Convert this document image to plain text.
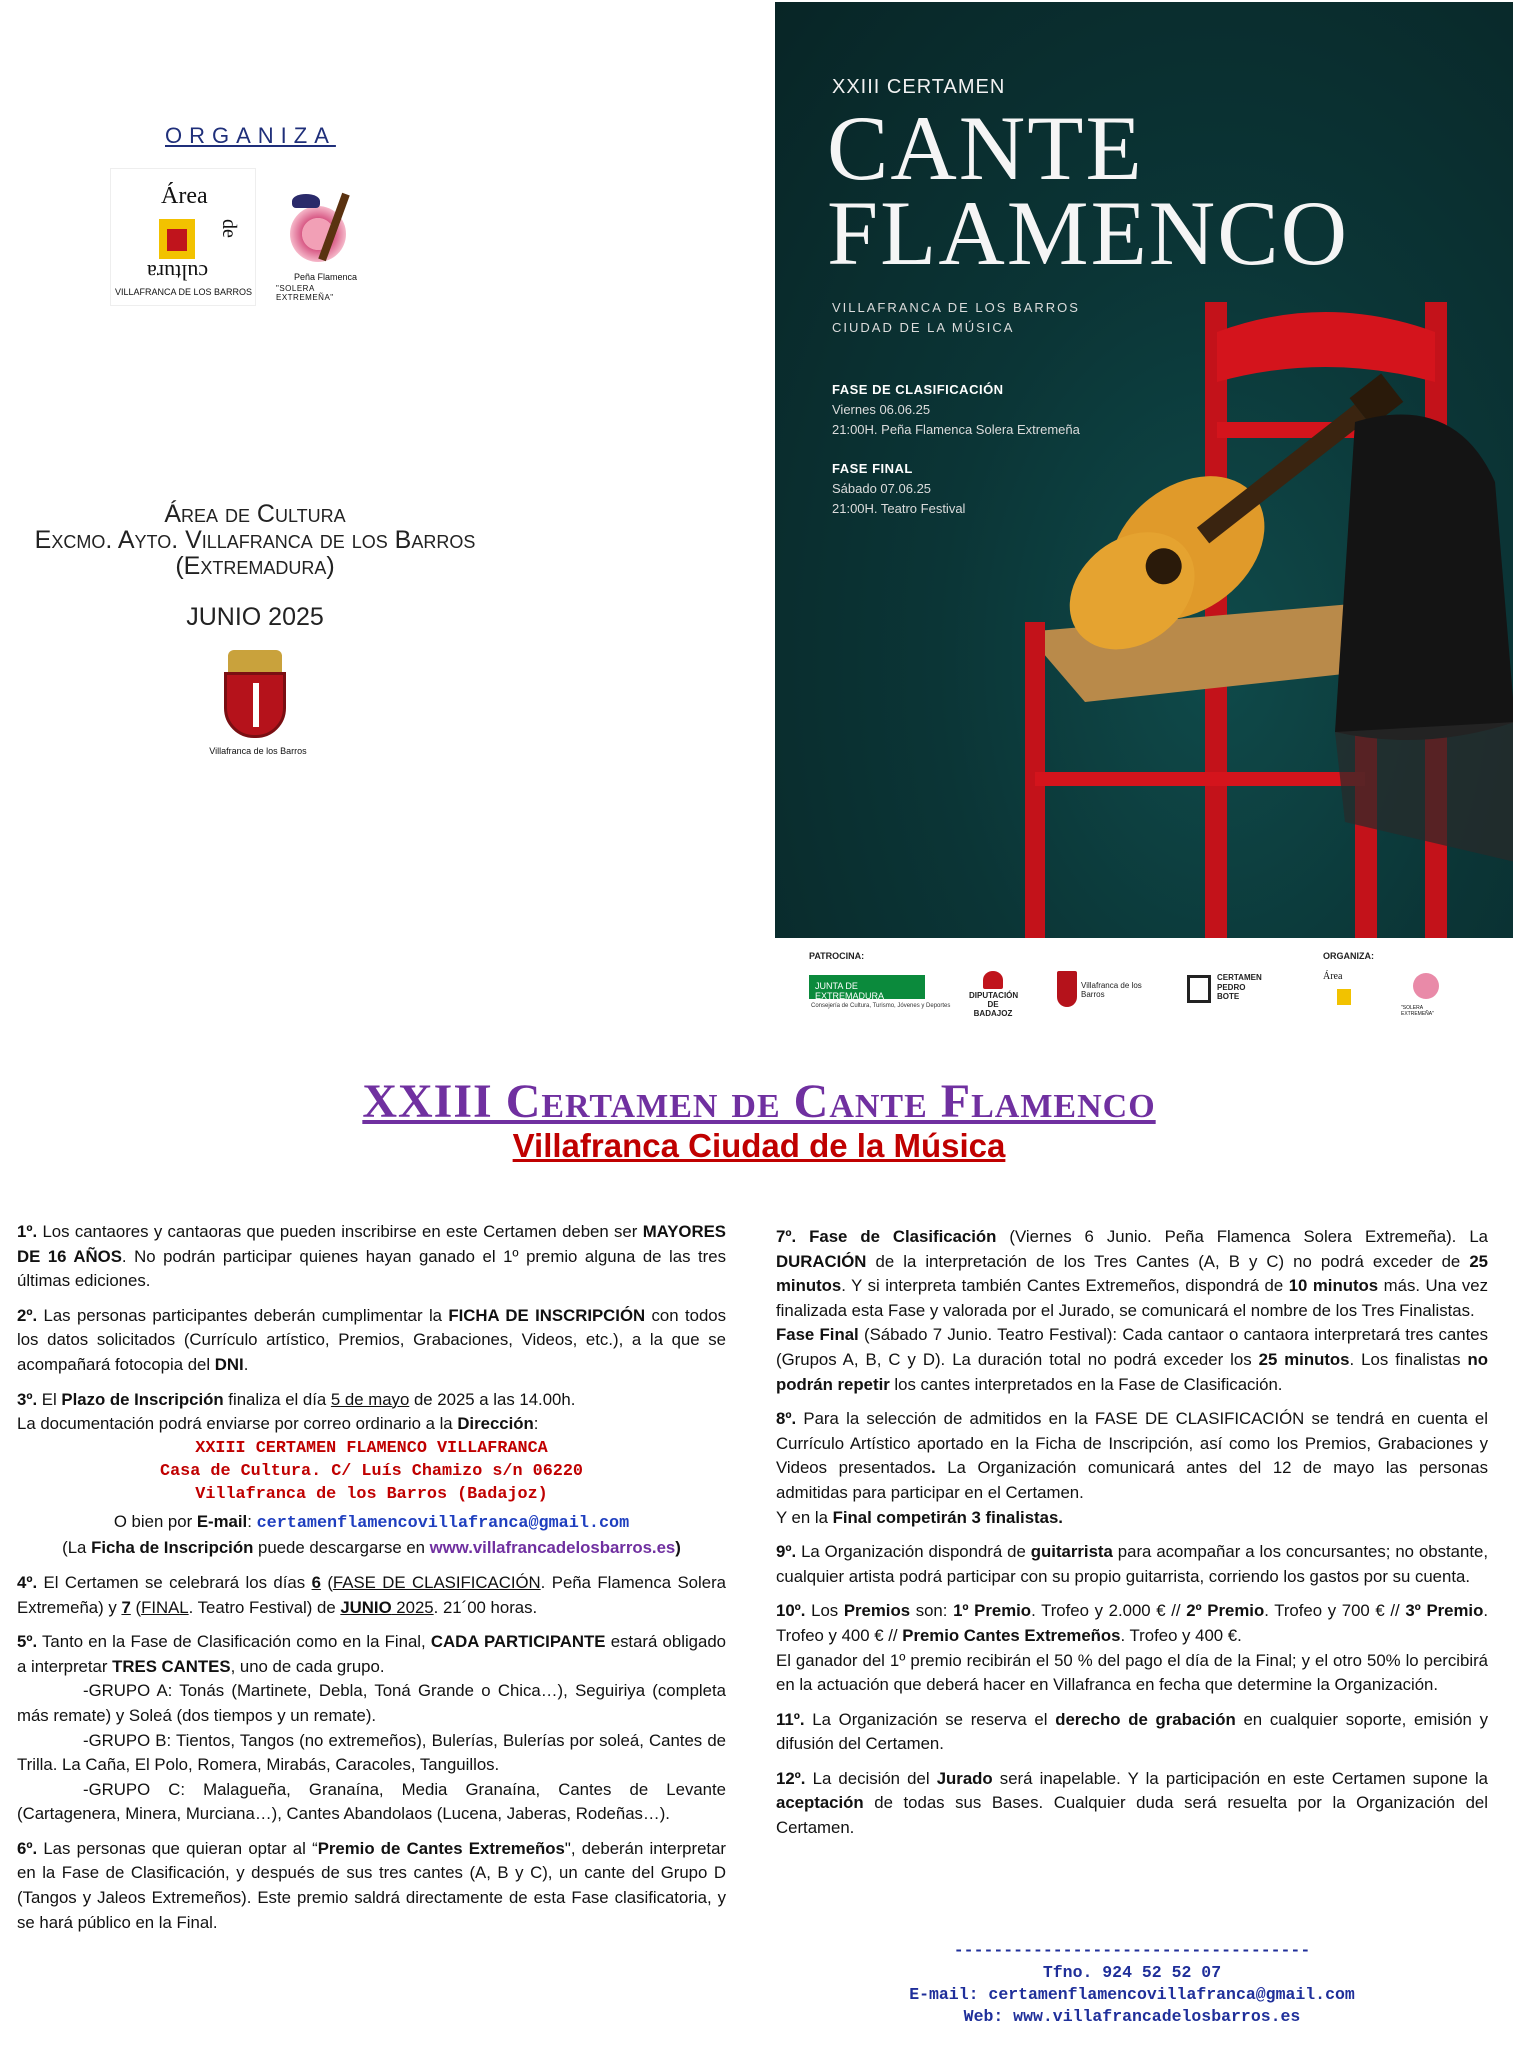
ORGANIZA
Área
de
cultura
VILLAFRANCA DE LOS BARROS
Peña Flamenca
"SOLERA EXTREMEÑA"
Área de Cultura
Excmo. Ayto. Villafranca de los Barros
(Extremadura)
JUNIO 2025
Villafranca de los Barros
XXIII CERTAMEN
CANTE
FLAMENCO
VILLAFRANCA DE LOS BARROS
CIUDAD DE LA MÚSICA
FASE DE CLASIFICACIÓN
Viernes 06.06.25
21:00H. Peña Flamenca Solera Extremeña
FASE FINAL
Sábado 07.06.25
21:00H. Teatro Festival
PATROCINA:	ORGANIZA:
JUNTA DE EXTREMADURA
Consejería de Cultura, Turismo, Jóvenes y Deportes
DIPUTACIÓN DE BADAJOZ
Villafranca de los Barros
CERTAMEN PEDRO BOTE
Área
"SOLERA EXTREMEÑA"
XXIII Certamen de Cante Flamenco
Villafranca Ciudad de la Música

1º. Los cantaores y cantaoras que pueden inscribirse en este Certamen deben ser MAYORES DE 16 AÑOS. No podrán participar quienes hayan ganado el 1º premio alguna de las tres últimas ediciones.

2º. Las personas participantes deberán cumplimentar la FICHA DE INSCRIPCIÓN con todos los datos solicitados (Currículo artístico, Premios, Grabaciones, Videos, etc.), a la que se acompañará fotocopia del DNI.

3º. El Plazo de Inscripción finaliza el día 5 de mayo de 2025 a las 14.00h.
La documentación podrá enviarse por correo ordinario a la Dirección:
XXIII CERTAMEN FLAMENCO VILLAFRANCA
Casa de Cultura. C/ Luís Chamizo s/n 06220
Villafranca de los Barros (Badajoz)
O bien por E-mail: certamenflamencovillafranca@gmail.com
(La Ficha de Inscripción puede descargarse en www.villafrancadelosbarros.es)

4º. El Certamen se celebrará los días 6 (FASE DE CLASIFICACIÓN. Peña Flamenca Solera Extremeña) y 7 (FINAL. Teatro Festival) de JUNIO 2025. 21´00 horas.

5º. Tanto en la Fase de Clasificación como en la Final, CADA PARTICIPANTE estará obligado a interpretar TRES CANTES, uno de cada grupo.
-GRUPO A: Tonás (Martinete, Debla, Toná Grande o Chica…), Seguiriya (completa más remate) y Soleá (dos tiempos y un remate).
-GRUPO B: Tientos, Tangos (no extremeños), Bulerías, Bulerías por soleá, Cantes de Trilla. La Caña, El Polo, Romera, Mirabás, Caracoles, Tanguillos.
-GRUPO C: Malagueña, Granaína, Media Granaína, Cantes de Levante (Cartagenera, Minera, Murciana…), Cantes Abandolaos (Lucena, Jaberas, Rodeñas…).

6º. Las personas que quieran optar al “Premio de Cantes Extremeños", deberán interpretar en la Fase de Clasificación, y después de sus tres cantes (A, B y C), un cante del Grupo D (Tangos y Jaleos Extremeños). Este premio saldrá directamente de esta Fase clasificatoria, y se hará público en la Final.

7º. Fase de Clasificación (Viernes 6 Junio. Peña Flamenca Solera Extremeña). La DURACIÓN de la interpretación de los Tres Cantes (A, B y C) no podrá exceder de 25 minutos. Y si interpreta también Cantes Extremeños, dispondrá de 10 minutos más. Una vez finalizada esta Fase y valorada por el Jurado, se comunicará el nombre de los Tres Finalistas.
Fase Final (Sábado 7 Junio. Teatro Festival): Cada cantaor o cantaora interpretará tres cantes (Grupos A, B, C y D). La duración total no podrá exceder los 25 minutos. Los finalistas no podrán repetir los cantes interpretados en la Fase de Clasificación.
8º. Para la selección de admitidos en la FASE DE CLASIFICACIÓN se tendrá en cuenta el Currículo Artístico aportado en la Ficha de Inscripción, así como los Premios, Grabaciones y Videos presentados. La Organización comunicará antes del 12 de mayo las personas admitidas para participar en el Certamen.
Y en la Final competirán 3 finalistas.

9º. La Organización dispondrá de guitarrista para acompañar a los concursantes; no obstante, cualquier artista podrá participar con su propio guitarrista, corriendo los gastos por su cuenta.

10º. Los Premios son: 1º Premio. Trofeo y 2.000 € // 2º Premio. Trofeo y 700 € // 3º Premio. Trofeo y 400 € // Premio Cantes Extremeños. Trofeo y 400 €.
El ganador del 1º premio recibirán el 50 % del pago el día de la Final; y el otro 50% lo percibirá en la actuación que deberá hacer en Villafranca en fecha que determine la Organización.

11º. La Organización se reserva el derecho de grabación en cualquier soporte, emisión y difusión del Certamen.

12º. La decisión del Jurado será inapelable. Y la participación en este Certamen supone la aceptación de todas sus Bases. Cualquier duda será resuelta por la Organización del Certamen.

------------------------------------
Tfno. 924 52 52 07
E-mail: certamenflamencovillafranca@gmail.com
Web: www.villafrancadelosbarros.es
